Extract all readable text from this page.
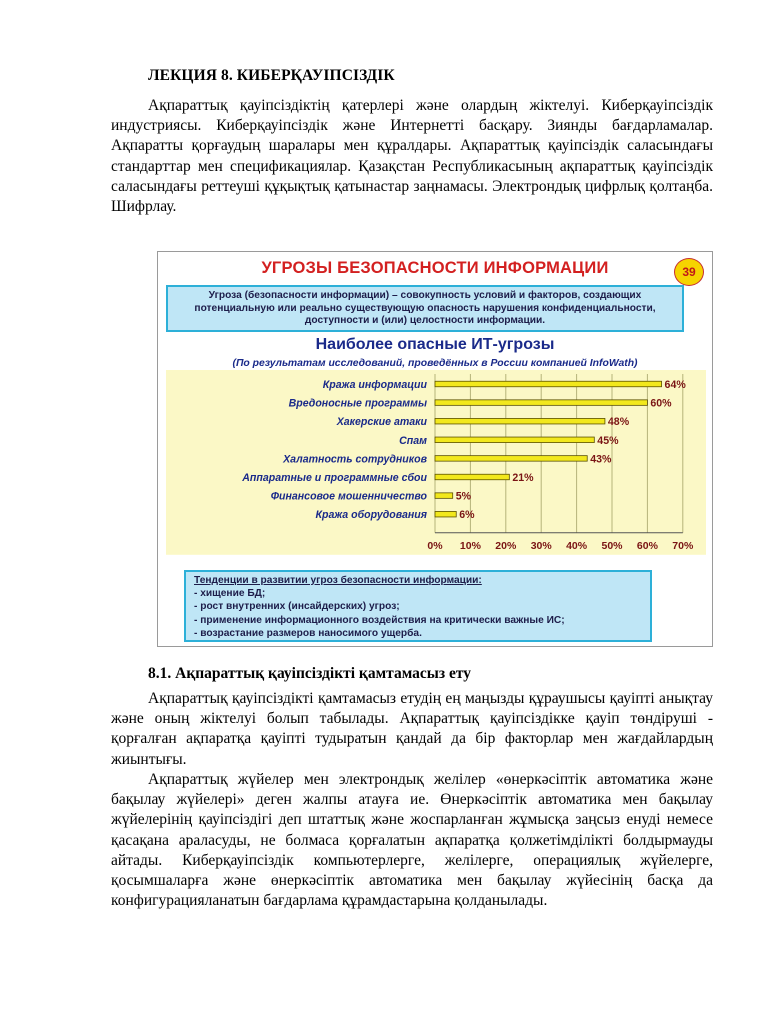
ЛЕКЦИЯ 8. КИБЕРҚАУІПСІЗДІК
Ақпараттық қауіпсіздіктің қатерлері және олардың жіктелуі. Киберқауіпсіздік индустриясы. Киберқауіпсіздік және Интернетті басқару. Зиянды бағдарламалар. Ақпаратты қорғаудың шаралары мен құралдары. Ақпараттық қауіпсіздік саласындағы стандарттар мен спецификациялар. Қазақстан Республикасының ақпараттық қауіпсіздік саласындағы реттеуші құқықтық қатынастар заңнамасы. Электрондық цифрлық қолтаңба. Шифрлау.
УГРОЗЫ БЕЗОПАСНОСТИ ИНФОРМАЦИИ	39
Угроза (безопасности информации) – совокупность условий и факторов, создающих потенциальную или реально существующую опасность нарушения конфиденциальности, доступности и (или) целостности информации.
Наиболее опасные ИТ-угрозы
(По результатам исследований, проведённых в России компанией InfoWath)
0% 10% 20% 30% 40% 50% 60% 70%
Кража информации	64%
Вредоносные программы	60%
Хакерские атаки	48%
Спам	45%
Халатность сотрудников	43%
Аппаратные и программные сбои	21%
Финансовое мошенничество	5%
Кража оборудования	6%
Тенденции в развитии угроз безопасности информации:
- хищение БД;
- рост внутренних (инсайдерских) угроз;
- применение информационного воздействия на критически важные ИС;
- возрастание размеров наносимого ущерба.
8.1. Ақпараттық қауіпсіздікті қамтамасыз ету
Ақпараттық қауіпсіздікті қамтамасыз етудің ең маңызды құраушысы қауіпті анықтау және оның жіктелуі болып табылады. Ақпараттық қауіпсіздікке қауіп төндіруші - қорғалған ақпаратқа қауіпті тудыратын қандай да бір факторлар мен жағдайлардың жиынтығы.
Ақпараттық жүйелер мен электрондық желілер «өнеркәсіптік автоматика және бақылау жүйелері» деген жалпы атауға ие. Өнеркәсіптік автоматика мен бақылау жүйелерінің қауіпсіздігі деп штаттық және жоспарланған жұмысқа заңсыз енуді немесе қасақана араласуды, не болмаса қорғалатын ақпаратқа қолжетімділікті болдырмауды айтады. Киберқауіпсіздік компьютерлерге, желілерге, операциялық жүйелерге, қосымшаларға және өнеркәсіптік автоматика мен бақылау жүйесінің басқа да конфигурацияланатын бағдарлама құрамдастарына қолданылады.
